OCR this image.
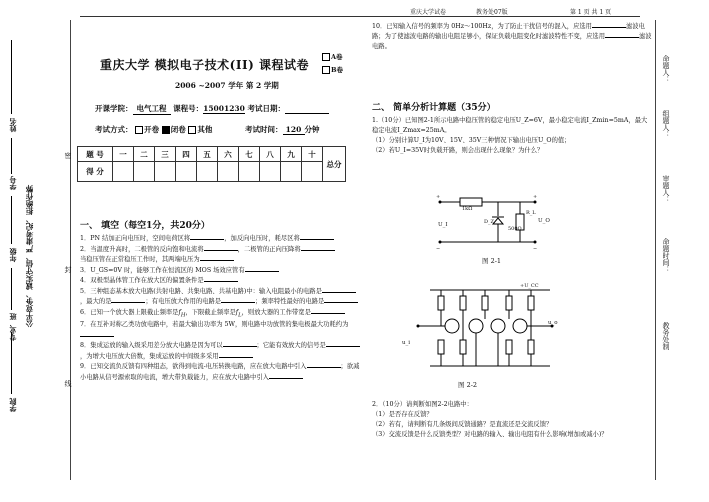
重庆大学试卷	教务处07版	第 1 页 共 1 页
密
封
线
公平竞争、诚实守信、严肃考纪、拒绝作弊
学院
专业、班
年级
学号
姓名
命题人：
组题人：
审题人：
命题时间：
教务处制
重庆大学 模拟电子技术(II) 课程试卷
A卷
B卷
2006 ~2007 学年 第 2 学期
开课学院： 电气工程 课程号：15001230 考试日期：
考试方式： 开卷 闭卷 其他	考试时间： 120 分钟
题 号	一	二	三	四	五	六	七	八	九	十	总分
得 分											
一、 填空（每空1分，共20分）
1．PN 结加正向电压时，空间电荷区将	，加反向电压时，耗尽区将
2．当温度升高时，二极管的反向饱和电流将	，二极管的正向压降将
当稳压管在正常稳压工作时，其两端电压为
3．U_GS=0V 时，能够工作在恒流区的 MOS 场效应管有
4．双极型晶体管工作在放大区的偏置条件是
5．三种组态基本放大电路(共射电路、共集电路、共基电路)中：输入电阻最小的电路是，最大的是	；有电压放大作用的电路是	；频率特性最好的电路是
6．已知一个放大器上限截止频率是$f_H$，下限截止频率是$f_L$，则放大器的工作带宽是
7．在互补对称乙类功放电路中，若最大输出功率为 5W，则电路中功放管的集电极最大功耗约为
8．集成运放的输入级采用差分放大电路是因为可以	；它能有效放大的信号是，为增大电压放大倍数，集成运放的中间级多采用
9．已知交流负反馈有四种组态，欲得到电流-电压转换电路，应在放大电路中引入	；欲减小电路从信号源索取的电流，增大带负载能力，应在放大电路中引入
10．已知输入信号的频率为 0Hz～100Hz，为了防止干扰信号的混入，应选用	滤波电路；为了使滤波电路的输出电阻足够小，保证负载电阻变化时滤波特性不变，应选用	滤波电路。
二、 简单分析计算题（35分）
1.（10分）已知图2-1所示电路中稳压管的稳定电压U_Z=6V，最小稳定电流I_Zmin=5mA，最大稳定电流I_Zmax=25mA。
（1）分别计算U_I为10V、15V、35V三种情况下输出电压U_O的值；
（2）若U_I=35V时负载开路，则会出现什么现象？为什么？
+
−
+
−
1kΩ
U_I	D_Z
R_L
500Ω
U_O
图 2-1
+U_CC
u_i
u_o
图 2-2
2．（10分）请判断如图2-2电路中：
（1）是否存在反馈？
（2）若有，请判断有几条级间反馈通路？是直流还是交流反馈？
（3）交流反馈是什么反馈类型？对电路的输入、输出电阻有什么影响(增加或减小)？
